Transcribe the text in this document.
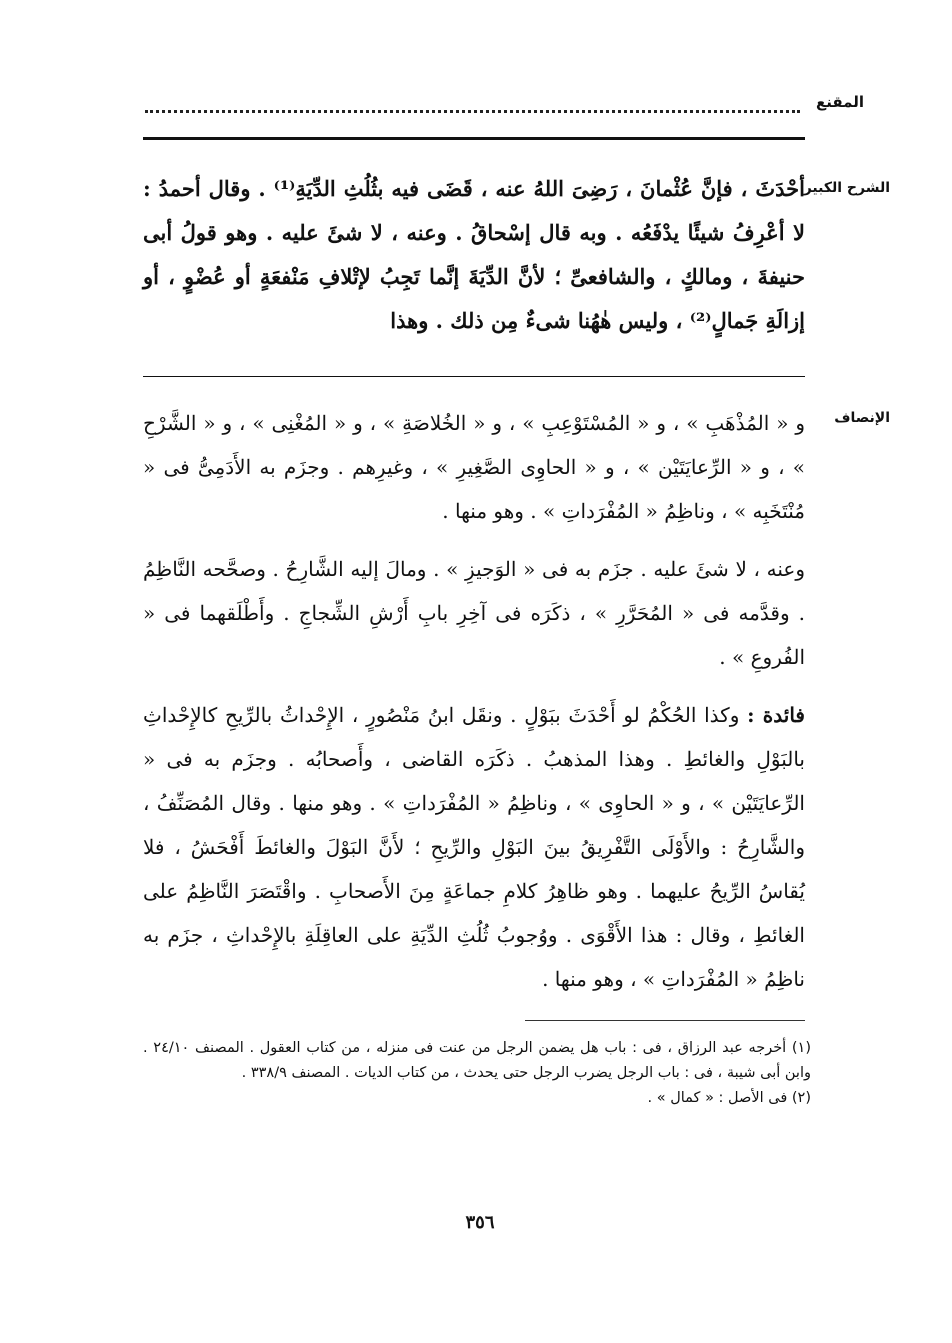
المقنع
الشرح الكبير

أحْدَثَ ، فإنَّ عُثْمانَ ، رَضِىَ اللهُ عنه ، قَضَى فيه بثُلُثِ الدِّيَةِ⁽¹⁾ . وقال أحمدُ : لا أعْرِفُ شيئًا يدْفَعُه . وبه قال إسْحاقُ . وعنه ، لا شئَ عليه . وهو قولُ أبى حنيفةَ ، ومالكٍ ، والشافعىِّ ؛ لأنَّ الدِّيَةَ إنَّما تَجِبُ لإتْلافِ مَنْفعَةٍ أو عُضْوٍ ، أو إزالَةِ جَمالٍ⁽²⁾ ، وليس هٰهُنا شىءٌ مِن ذلك . وهذا

الإنصاف

و « المُذْهَبِ » ، و « المُسْتَوْعِبِ » ، و « الخُلاصَةِ » ، و « المُغْنِى » ، و « الشَّرْحِ » ، و « الرِّعايَتَيْن » ، و « الحاوِى الصَّغِيرِ » ، وغيرِهم . وجزَم به الأَدَمِىُّ فى « مُنْتَخَبِه » ، وناظِمُ « المُفْرَداتِ » . وهو منها .

وعنه ، لا شئَ عليه . جزَم به فى « الوَجيزِ » . ومالَ إليه الشَّارِحُ . وصحَّحه النَّاظِمُ . وقدَّمه فى « المُحَرَّرِ » ، ذكَرَه فى آخِرِ بابِ أَرْشِ الشِّجاجِ . وأَطْلَقهما فى « الفُروعِ » .

فائدة : وكذا الحُكْمُ لو أَحْدَثَ ببَوْلٍ . ونقَل ابنُ مَنْصُورٍ ، الإِحْداثُ بالرِّيحِ كالإِحْداثِ بالبَوْلِ والغائطِ . وهذا المذهبُ . ذكَرَه القاضى ، وأَصحابُه . وجزَم به فى « الرِّعايَتَيْن » ، و « الحاوِى » ، وناظِمُ « المُفْرَداتِ » . وهو منها . وقال المُصَنِّفُ ، والشَّارِحُ : والأَوْلَى التَّفْرِيقُ بينَ البَوْلِ والرِّيحِ ؛ لأَنَّ البَوْلَ والغائطَ أَفْحَشُ ، فلا يُقاسُ الرِّيحُ عليهما . وهو ظاهِرُ كلامِ جماعَةٍ مِنَ الأَصحابِ . واقْتَصَرَ النَّاظِمُ على الغائطِ ، وقال : هذا الأَقْوَى . ووُجوبُ ثُلُثِ الدِّيَةِ على العاقِلَةِ بالإِحْداثِ ، جزَم به ناظِمُ « المُفْرَداتِ » ، وهو منها .

(١) أخرجه عبد الرزاق ، فى : باب هل يضمن الرجل من عنت فى منزله ، من كتاب العقول . المصنف ٢٤/١٠ . وابن أبى شيبة ، فى : باب الرجل يضرب الرجل حتى يحدث ، من كتاب الديات . المصنف ٣٣٨/٩ .

(٢) فى الأصل : « كمال » .

٣٥٦
